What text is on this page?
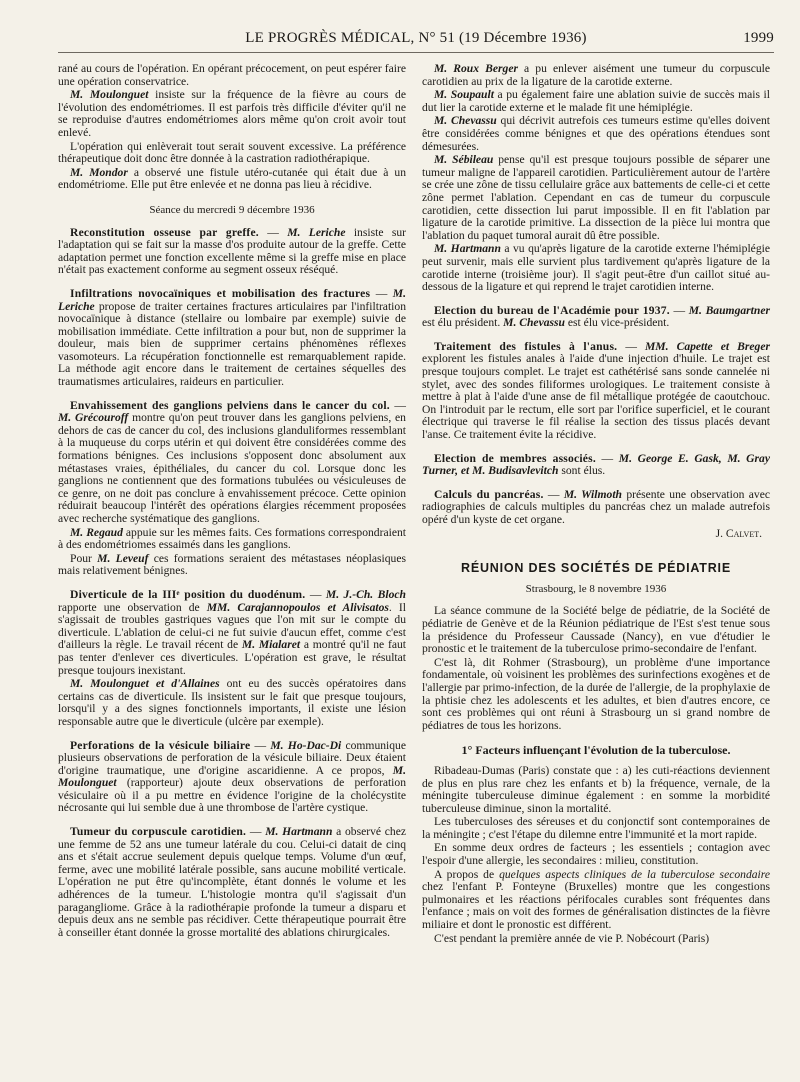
LE PROGRÈS MÉDICAL, N° 51 (19 Décembre 1936)	1999

rané au cours de l'opération. En opérant précocement, on peut espérer faire une opération conservatrice.

M. Moulonguet insiste sur la fréquence de la fièvre au cours de l'évolution des endométriomes. Il est parfois très difficile d'éviter qu'il ne se reproduise d'autres endométriomes alors même qu'on croit avoir tout enlevé.

L'opération qui enlèverait tout serait souvent excessive. La préférence thérapeutique doit donc être donnée à la castration radiothérapique.

M. Mondor a observé une fistule utéro-cutanée qui était due à un endométriome. Elle put être enlevée et ne donna pas lieu à récidive.

Séance du mercredi 9 décembre 1936

Reconstitution osseuse par greffe. — M. Leriche insiste sur l'adaptation qui se fait sur la masse d'os produite autour de la greffe. Cette adaptation permet une fonction excellente même si la greffe mise en place n'était pas exactement conforme au segment osseux réséqué.

Infiltrations novocaïniques et mobilisation des fractures — M. Leriche propose de traiter certaines fractures articulaires par l'infiltration novocaïnique à distance (stellaire ou lombaire par exemple) suivie de mobilisation immédiate. Cette infiltration a pour but, non de supprimer la douleur, mais bien de supprimer certains phénomènes réflexes vasomoteurs. La récupération fonctionnelle est remarquablement rapide. La méthode agit encore dans le traitement de certaines séquelles des traumatismes articulaires, raideurs en particulier.

Envahissement des ganglions pelviens dans le cancer du col. — M. Grécouroff montre qu'on peut trouver dans les ganglions pelviens, en dehors de cas de cancer du col, des inclusions glanduliformes ressemblant à la muqueuse du corps utérin et qui doivent être considérées comme des formations bénignes. Ces inclusions s'opposent donc absolument aux métastases vraies, épithéliales, du cancer du col. Lorsque donc les ganglions ne contiennent que des formations tubulées ou vésiculeuses de ce genre, on ne doit pas conclure à envahissement précoce. Cette opinion réduirait beaucoup l'intérêt des opérations élargies récemment proposées avec recherche systématique des ganglions.

M. Regaud appuie sur les mêmes faits. Ces formations correspondraient à des endométriomes essaimés dans les ganglions.

Pour M. Leveuf ces formations seraient des métastases néoplasiques mais relativement bénignes.

Diverticule de la IIIᵉ position du duodénum. — M. J.-Ch. Bloch rapporte une observation de MM. Carajannopoulos et Alivisatos. Il s'agissait de troubles gastriques vagues que l'on mit sur le compte du diverticule. L'ablation de celui-ci ne fut suivie d'aucun effet, comme c'est d'ailleurs la règle. Le travail récent de M. Mialaret a montré qu'il ne faut pas tenter d'enlever ces diverticules. L'opération est grave, le résultat presque toujours inexistant.

M. Moulonguet et d'Allaines ont eu des succès opératoires dans certains cas de diverticule. Ils insistent sur le fait que presque toujours, lorsqu'il y a des signes fonctionnels importants, il existe une lésion responsable autre que le diverticule (ulcère par exemple).

Perforations de la vésicule biliaire — M. Ho-Dac-Di communique plusieurs observations de perforation de la vésicule biliaire. Deux étaient d'origine traumatique, une d'origine ascaridienne. A ce propos, M. Moulonguet (rapporteur) ajoute deux observations de perforation vésiculaire où il a pu mettre en évidence l'origine de la cholécystite nécrosante qui lui semble due à une thrombose de l'artère cystique.

Tumeur du corpuscule carotidien. — M. Hartmann a observé chez une femme de 52 ans une tumeur latérale du cou. Celui-ci datait de cinq ans et s'était accrue seulement depuis quelque temps. Volume d'un œuf, ferme, avec une mobilité latérale possible, sans aucune mobilité verticale. L'opération ne put être qu'incomplète, étant donnés le volume et les adhérences de la tumeur. L'histologie montra qu'il s'agissait d'un paragangliome. Grâce à la radiothérapie profonde la tumeur a disparu et depuis deux ans ne semble pas récidiver. Cette thérapeutique pourrait être à conseiller étant donnée la grosse mortalité des ablations chirurgicales.

M. Roux Berger a pu enlever aisément une tumeur du corpuscule carotidien au prix de la ligature de la carotide externe.

M. Soupault a pu également faire une ablation suivie de succès mais il dut lier la carotide externe et le malade fit une hémiplégie.

M. Chevassu qui décrivit autrefois ces tumeurs estime qu'elles doivent être considérées comme bénignes et que des opérations étendues sont démesurées.

M. Sébileau pense qu'il est presque toujours possible de séparer une tumeur maligne de l'appareil carotidien. Particulièrement autour de l'artère se crée une zône de tissu cellulaire grâce aux battements de celle-ci et cette zône permet l'ablation. Cependant en cas de tumeur du corpuscule carotidien, cette dissection lui parut impossible. Il en fit l'ablation par ligature de la carotide primitive. La dissection de la pièce lui montra que l'ablation du paquet tumoral aurait dû être possible.

M. Hartmann a vu qu'après ligature de la carotide externe l'hémiplégie peut survenir, mais elle survient plus tardivement qu'après ligature de la carotide interne (troisième jour). Il s'agit peut-être d'un caillot situé au-dessous de la ligature et qui reprend le trajet carotidien interne.

Election du bureau de l'Académie pour 1937. — M. Baumgartner est élu président. M. Chevassu est élu vice-président.

Traitement des fistules à l'anus. — MM. Capette et Breger explorent les fistules anales à l'aide d'une injection d'huile. Le trajet est presque toujours complet. Le trajet est cathétérisé sans sonde cannelée ni stylet, avec des sondes filiformes urologiques. Le traitement consiste à mettre à plat à l'aide d'une anse de fil métallique protégée de caoutchouc. On l'introduit par le rectum, elle sort par l'orifice superficiel, et le courant électrique qui traverse le fil réalise la section des tissus placés devant l'anse. Ce traitement évite la récidive.

Election de membres associés. — M. George E. Gask, M. Gray Turner, et M. Budisavlevitch sont élus.

Calculs du pancréas. — M. Wilmoth présente une observation avec radiographies de calculs multiples du pancréas chez un malade autrefois opéré d'un kyste de cet organe.

J. Calvet.
RÉUNION DES SOCIÉTÉS DE PÉDIATRIE
Strasbourg, le 8 novembre 1936

La séance commune de la Société belge de pédiatrie, de la Société de pédiatrie de Genève et de la Réunion pédiatrique de l'Est s'est tenue sous la présidence du Professeur Caussade (Nancy), en vue d'étudier le pronostic et le traitement de la tuberculose primo-secondaire de l'enfant.

C'est là, dit Rohmer (Strasbourg), un problème d'une importance fondamentale, où voisinent les problèmes des surinfections exogènes et de l'allergie par primo-infection, de la durée de l'allergie, de la prophylaxie de la phtisie chez les adolescents et les adultes, et bien d'autres encore, ce sont ces problèmes qui ont réuni à Strasbourg un si grand nombre de pédiatres de tous les horizons.

1° Facteurs influençant l'évolution de la tuberculose.

Ribadeau-Dumas (Paris) constate que : a) les cuti-réactions deviennent de plus en plus rare chez les enfants et b) la fréquence, vernale, de la méningite tuberculeuse diminue également : en somme la morbidité tuberculeuse diminue, sinon la mortalité.

Les tuberculoses des séreuses et du conjonctif sont contemporaines de la méningite ; c'est l'étape du dilemne entre l'immunité et la mort rapide.

En somme deux ordres de facteurs ; les essentiels ; contagion avec l'espoir d'une allergie, les secondaires : milieu, constitution.

A propos de quelques aspects cliniques de la tuberculose secondaire chez l'enfant P. Fonteyne (Bruxelles) montre que les congestions pulmonaires et les réactions périfocales curables sont fréquentes dans l'enfance ; mais on voit des formes de généralisation distinctes de la fièvre miliaire et dont le pronostic est différent.

C'est pendant la première année de vie P. Nobécourt (Paris)
